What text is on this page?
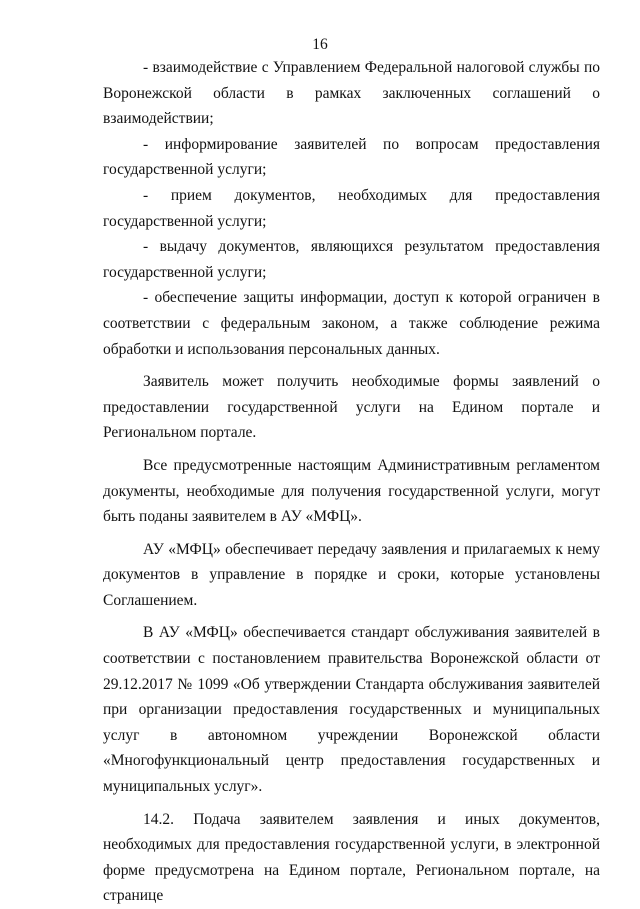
16

- взаимодействие с Управлением Федеральной налоговой службы по Воронежской области в рамках заключенных соглашений о взаимодействии;

- информирование заявителей по вопросам предоставления государственной услуги;

- прием документов, необходимых для предоставления государственной услуги;

- выдачу документов, являющихся результатом предоставления государственной услуги;

- обеспечение защиты информации, доступ к которой ограничен в соответствии с федеральным законом, а также соблюдение режима обработки и использования персональных данных.

Заявитель может получить необходимые формы заявлений о предоставлении государственной услуги на Едином портале и Региональном портале.

Все предусмотренные настоящим Административным регламентом документы, необходимые для получения государственной услуги, могут быть поданы заявителем в АУ «МФЦ».

АУ «МФЦ» обеспечивает передачу заявления и прилагаемых к нему документов в управление в порядке и сроки, которые установлены Соглашением.

В АУ «МФЦ» обеспечивается стандарт обслуживания заявителей в соответствии с постановлением правительства Воронежской области от 29.12.2017 № 1099 «Об утверждении Стандарта обслуживания заявителей при организации предоставления государственных и муниципальных услуг в автономном учреждении Воронежской области «Многофункциональный центр предоставления государственных и муниципальных услуг».

14.2. Подача заявителем заявления и иных документов, необходимых для предоставления государственной услуги, в электронной форме предусмотрена на Едином портале, Региональном портале, на странице
